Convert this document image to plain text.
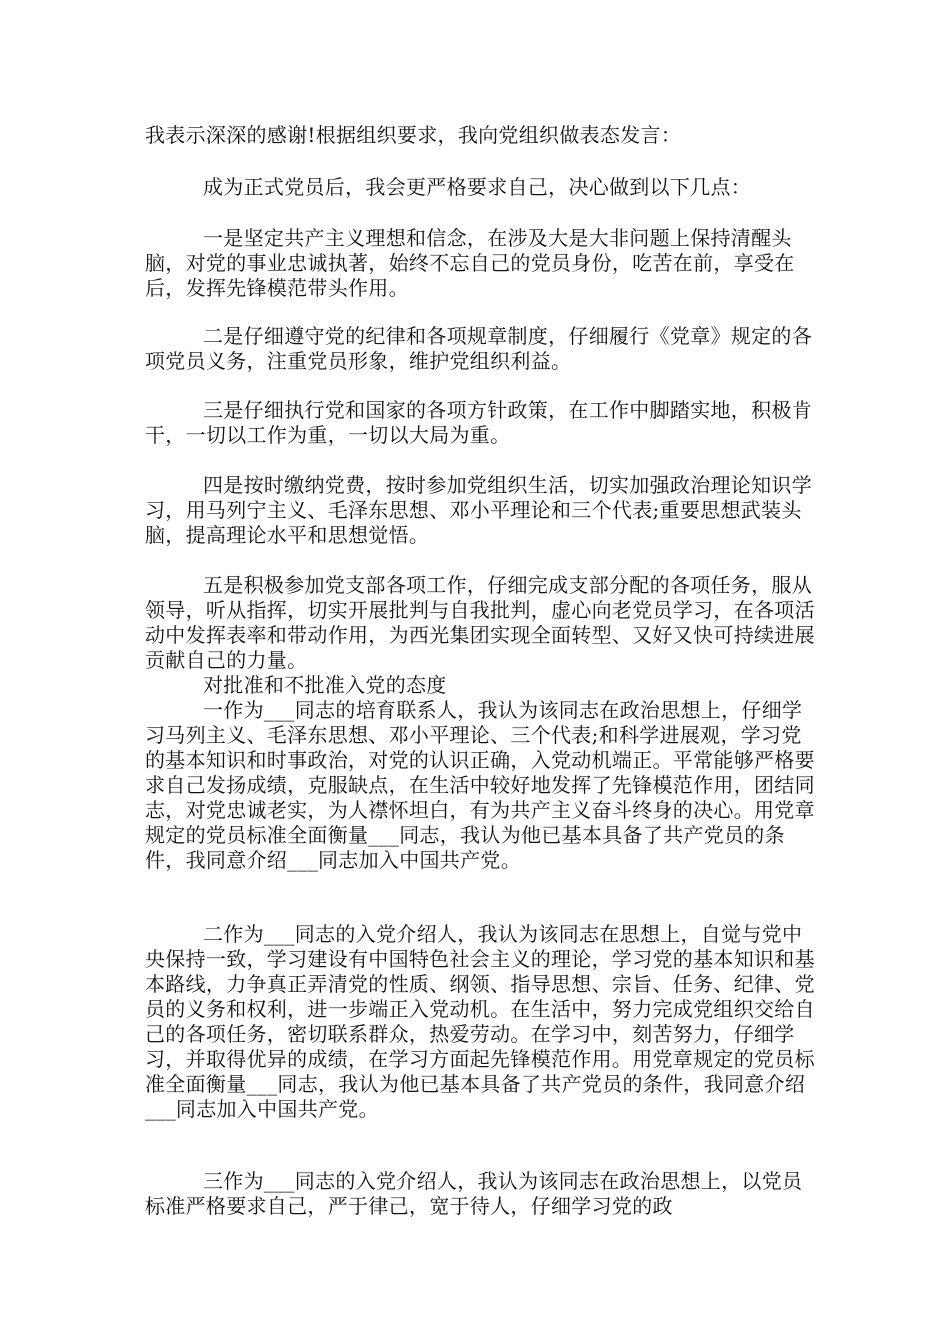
我表示深深的感谢!根据组织要求，我向党组织做表态发言：

成为正式党员后，我会更严格要求自己，决心做到以下几点：

一是坚定共产主义理想和信念，在涉及大是大非问题上保持清醒头脑，对党的事业忠诚执著，始终不忘自己的党员身份，吃苦在前，享受在后，发挥先锋模范带头作用。

二是仔细遵守党的纪律和各项规章制度，仔细履行《党章》规定的各项党员义务，注重党员形象，维护党组织利益。

三是仔细执行党和国家的各项方针政策，在工作中脚踏实地，积极肯干，一切以工作为重，一切以大局为重。

四是按时缴纳党费，按时参加党组织生活，切实加强政治理论知识学习，用马列宁主义、毛泽东思想、邓小平理论和三个代表;重要思想武装头脑，提高理论水平和思想觉悟。

五是积极参加党支部各项工作，仔细完成支部分配的各项任务，服从领导，听从指挥，切实开展批判与自我批判，虚心向老党员学习，在各项活动中发挥表率和带动作用，为西光集团实现全面转型、又好又快可持续进展贡献自己的力量。

对批准和不批准入党的态度

一作为___同志的培育联系人，我认为该同志在政治思想上，仔细学习马列主义、毛泽东思想、邓小平理论、三个代表;和科学进展观，学习党的基本知识和时事政治，对党的认识正确，入党动机端正。平常能够严格要求自己发扬成绩，克服缺点，在生活中较好地发挥了先锋模范作用，团结同志，对党忠诚老实，为人襟怀坦白，有为共产主义奋斗终身的决心。用党章规定的党员标准全面衡量___同志，我认为他已基本具备了共产党员的条件，我同意介绍___同志加入中国共产党。

二作为___同志的入党介绍人，我认为该同志在思想上，自觉与党中央保持一致，学习建设有中国特色社会主义的理论，学习党的基本知识和基本路线，力争真正弄清党的性质、纲领、指导思想、宗旨、任务、纪律、党员的义务和权利，进一步端正入党动机。在生活中，努力完成党组织交给自己的各项任务，密切联系群众，热爱劳动。在学习中，刻苦努力，仔细学习，并取得优异的成绩，在学习方面起先锋模范作用。用党章规定的党员标准全面衡量___同志，我认为他已基本具备了共产党员的条件，我同意介绍___同志加入中国共产党。

三作为___同志的入党介绍人，我认为该同志在政治思想上，以党员标准严格要求自己，严于律己，宽于待人，仔细学习党的政
